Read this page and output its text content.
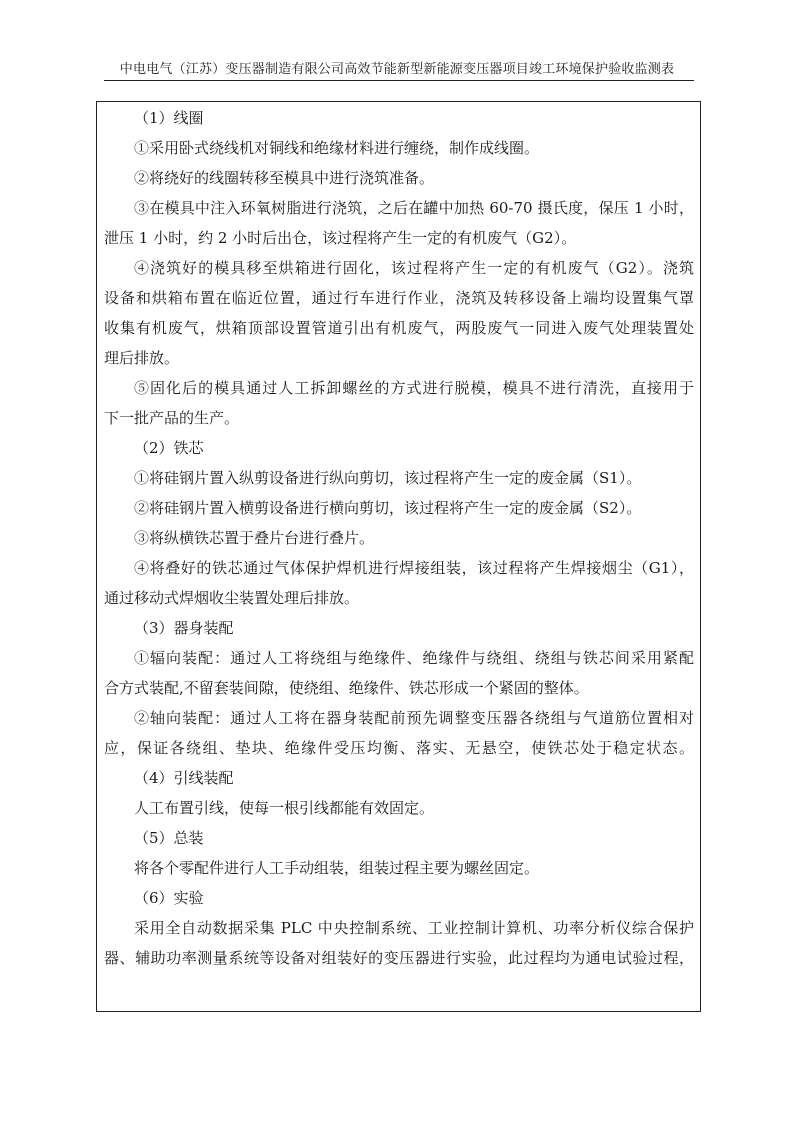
中电电气（江苏）变压器制造有限公司高效节能新型新能源变压器项目竣工环境保护验收监测表
（1）线圈
①采用卧式绕线机对铜线和绝缘材料进行缠绕，制作成线圈。
②将绕好的线圈转移至模具中进行浇筑准备。
③在模具中注入环氧树脂进行浇筑，之后在罐中加热 60-70 摄氏度，保压 1 小时，
泄压 1 小时，约 2 小时后出仓，该过程将产生一定的有机废气（G2）。
④浇筑好的模具移至烘箱进行固化，该过程将产生一定的有机废气（G2）。浇筑
设备和烘箱布置在临近位置，通过行车进行作业，浇筑及转移设备上端均设置集气罩
收集有机废气，烘箱顶部设置管道引出有机废气，两股废气一同进入废气处理装置处
理后排放。
⑤固化后的模具通过人工拆卸螺丝的方式进行脱模，模具不进行清洗，直接用于
下一批产品的生产。
（2）铁芯
①将硅钢片置入纵剪设备进行纵向剪切，该过程将产生一定的废金属（S1）。
②将硅钢片置入横剪设备进行横向剪切，该过程将产生一定的废金属（S2）。
③将纵横铁芯置于叠片台进行叠片。
④将叠好的铁芯通过气体保护焊机进行焊接组装，该过程将产生焊接烟尘（G1），
通过移动式焊烟收尘装置处理后排放。
（3）器身装配
①辐向装配：通过人工将绕组与绝缘件、绝缘件与绕组、绕组与铁芯间采用紧配
合方式装配,不留套装间隙，使绕组、绝缘件、铁芯形成一个紧固的整体。
②轴向装配：通过人工将在器身装配前预先调整变压器各绕组与气道筋位置相对
应，保证各绕组、垫块、绝缘件受压均衡、落实、无悬空，使铁芯处于稳定状态。
（4）引线装配
人工布置引线，使每一根引线都能有效固定。
（5）总装
将各个零配件进行人工手动组装，组装过程主要为螺丝固定。
（6）实验
采用全自动数据采集 PLC 中央控制系统、工业控制计算机、功率分析仪综合保护
器、辅助功率测量系统等设备对组装好的变压器进行实验，此过程均为通电试验过程，
